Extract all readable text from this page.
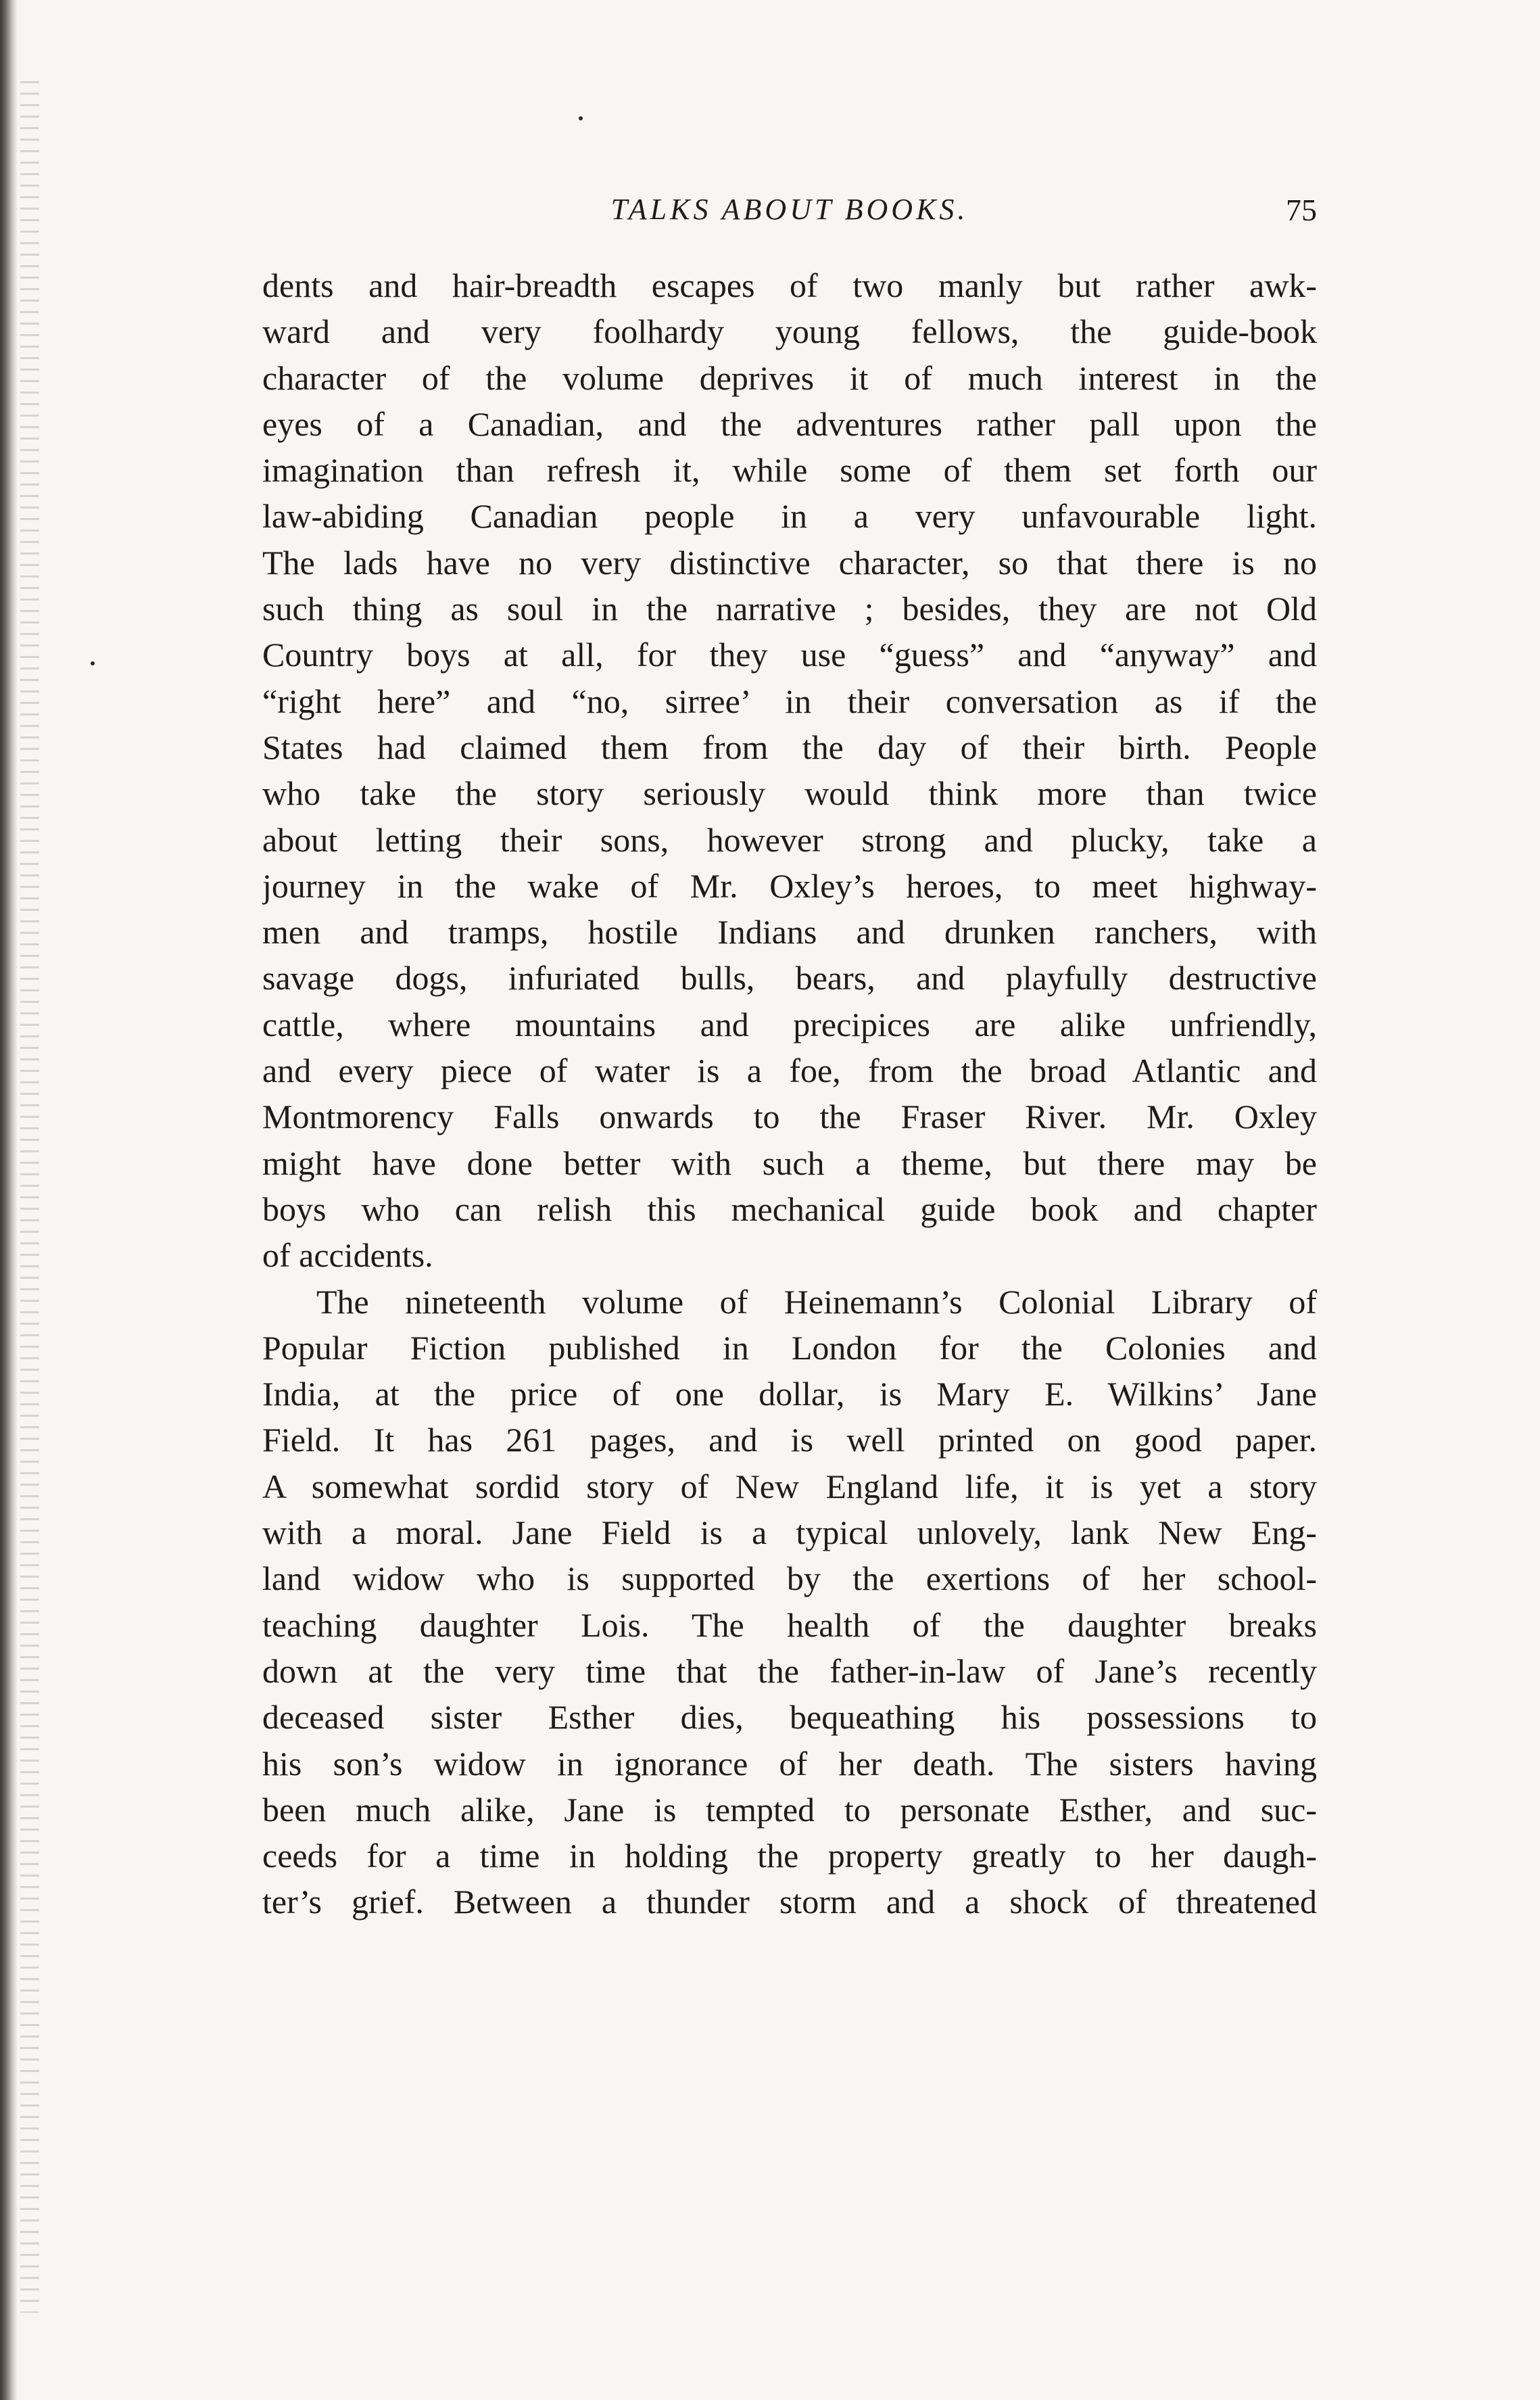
TALKS ABOUT BOOKS.	75
dents and hair-breadth escapes of two manly but rather awk-
ward and very foolhardy young fellows, the guide-book
character of the volume deprives it of much interest in the
eyes of a Canadian, and the adventures rather pall upon the
imagination than refresh it, while some of them set forth our
law-abiding Canadian people in a very unfavourable light.
The lads have no very distinctive character, so that there is no
such thing as soul in the narrative ; besides, they are not Old
Country boys at all, for they use “guess” and “anyway” and
“right here” and “no, sirree’ in their conversation as if the
States had claimed them from the day of their birth. People
who take the story seriously would think more than twice
about letting their sons, however strong and plucky, take a
journey in the wake of Mr. Oxley’s heroes, to meet highway-
men and tramps, hostile Indians and drunken ranchers, with
savage dogs, infuriated bulls, bears, and playfully destructive
cattle, where mountains and precipices are alike unfriendly,
and every piece of water is a foe, from the broad Atlantic and
Montmorency Falls onwards to the Fraser River. Mr. Oxley
might have done better with such a theme, but there may be
boys who can relish this mechanical guide book and chapter
of accidents.
The nineteenth volume of Heinemann’s Colonial Library of
Popular Fiction published in London for the Colonies and
India, at the price of one dollar, is Mary E. Wilkins’ Jane
Field. It has 261 pages, and is well printed on good paper.
A somewhat sordid story of New England life, it is yet a story
with a moral. Jane Field is a typical unlovely, lank New Eng-
land widow who is supported by the exertions of her school-
teaching daughter Lois. The health of the daughter breaks
down at the very time that the father-in-law of Jane’s recently
deceased sister Esther dies, bequeathing his possessions to
his son’s widow in ignorance of her death. The sisters having
been much alike, Jane is tempted to personate Esther, and suc-
ceeds for a time in holding the property greatly to her daugh-
ter’s grief. Between a thunder storm and a shock of threatened
